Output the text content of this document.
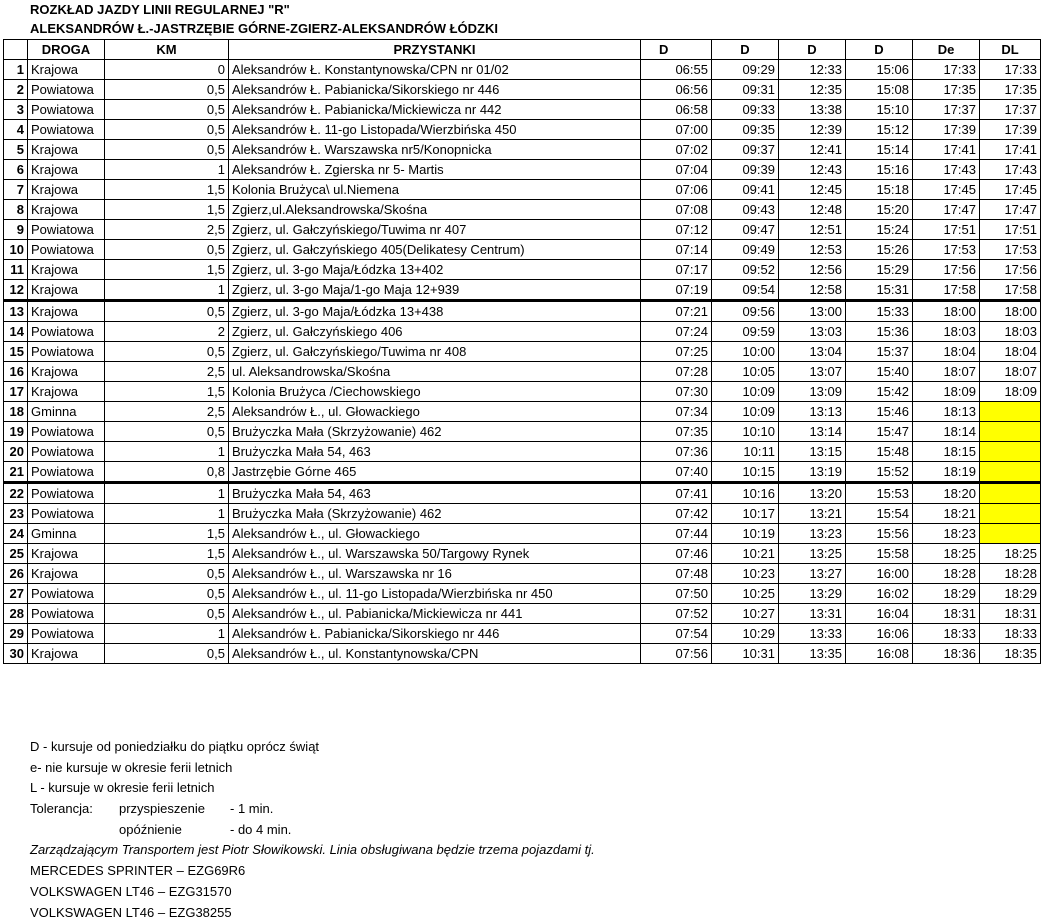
ROZKŁAD JAZDY LINII REGULARNEJ "R"
ALEKSANDRÓW Ł.-JASTRZĘBIE GÓRNE-ZGIERZ-ALEKSANDRÓW ŁÓDZKI
	DROGA	KM	PRZYSTANKI	D	D	D	D	De	DL
1	Krajowa	0	Aleksandrów Ł. Konstantynowska/CPN nr 01/02	06:55	09:29	12:33	15:06	17:33	17:33
2	Powiatowa	0,5	Aleksandrów Ł. Pabianicka/Sikorskiego nr 446	06:56	09:31	12:35	15:08	17:35	17:35
3	Powiatowa	0,5	Aleksandrów Ł. Pabianicka/Mickiewicza nr 442	06:58	09:33	13:38	15:10	17:37	17:37
4	Powiatowa	0,5	Aleksandrów Ł. 11-go Listopada/Wierzbińska 450	07:00	09:35	12:39	15:12	17:39	17:39
5	Krajowa	0,5	Aleksandrów Ł. Warszawska nr5/Konopnicka	07:02	09:37	12:41	15:14	17:41	17:41
6	Krajowa	1	Aleksandrów Ł. Zgierska nr 5- Martis	07:04	09:39	12:43	15:16	17:43	17:43
7	Krajowa	1,5	Kolonia Brużyca\ ul.Niemena	07:06	09:41	12:45	15:18	17:45	17:45
8	Krajowa	1,5	Zgierz,ul.Aleksandrowska/Skośna	07:08	09:43	12:48	15:20	17:47	17:47
9	Powiatowa	2,5	Zgierz, ul. Gałczyńskiego/Tuwima nr 407	07:12	09:47	12:51	15:24	17:51	17:51
10	Powiatowa	0,5	Zgierz, ul. Gałczyńskiego 405(Delikatesy Centrum)	07:14	09:49	12:53	15:26	17:53	17:53
11	Krajowa	1,5	Zgierz, ul. 3-go Maja/Łódzka 13+402	07:17	09:52	12:56	15:29	17:56	17:56
12	Krajowa	1	Zgierz, ul. 3-go Maja/1-go Maja 12+939	07:19	09:54	12:58	15:31	17:58	17:58
13	Krajowa	0,5	Zgierz, ul. 3-go Maja/Łódzka 13+438	07:21	09:56	13:00	15:33	18:00	18:00
14	Powiatowa	2	Zgierz, ul. Gałczyńskiego 406	07:24	09:59	13:03	15:36	18:03	18:03
15	Powiatowa	0,5	Zgierz, ul. Gałczyńskiego/Tuwima nr 408	07:25	10:00	13:04	15:37	18:04	18:04
16	Krajowa	2,5	ul. Aleksandrowska/Skośna	07:28	10:05	13:07	15:40	18:07	18:07
17	Krajowa	1,5	Kolonia Brużyca /Ciechowskiego	07:30	10:09	13:09	15:42	18:09	18:09
18	Gminna	2,5	Aleksandrów Ł., ul. Głowackiego	07:34	10:09	13:13	15:46	18:13	
19	Powiatowa	0,5	Brużyczka Mała (Skrzyżowanie) 462	07:35	10:10	13:14	15:47	18:14	
20	Powiatowa	1	Brużyczka Mała 54, 463	07:36	10:11	13:15	15:48	18:15	
21	Powiatowa	0,8	Jastrzębie Górne 465	07:40	10:15	13:19	15:52	18:19	
22	Powiatowa	1	Brużyczka Mała 54, 463	07:41	10:16	13:20	15:53	18:20	
23	Powiatowa	1	Brużyczka Mała (Skrzyżowanie) 462	07:42	10:17	13:21	15:54	18:21	
24	Gminna	1,5	Aleksandrów Ł., ul. Głowackiego	07:44	10:19	13:23	15:56	18:23	
25	Krajowa	1,5	Aleksandrów Ł., ul. Warszawska 50/Targowy Rynek	07:46	10:21	13:25	15:58	18:25	18:25
26	Krajowa	0,5	Aleksandrów Ł., ul. Warszawska nr 16	07:48	10:23	13:27	16:00	18:28	18:28
27	Powiatowa	0,5	Aleksandrów Ł., ul. 11-go Listopada/Wierzbińska nr 450	07:50	10:25	13:29	16:02	18:29	18:29
28	Powiatowa	0,5	Aleksandrów Ł., ul. Pabianicka/Mickiewicza nr 441	07:52	10:27	13:31	16:04	18:31	18:31
29	Powiatowa	1	Aleksandrów Ł. Pabianicka/Sikorskiego nr 446	07:54	10:29	13:33	16:06	18:33	18:33
30	Krajowa	0,5	Aleksandrów Ł., ul. Konstantynowska/CPN	07:56	10:31	13:35	16:08	18:36	18:35
D - kursuje od poniedziałku do piątku oprócz świąt
e- nie kursuje w okresie ferii letnich
L - kursuje w okresie ferii letnich
Tolerancja: przyspieszenie - 1 min.
opóźnienie	- do 4 min.
Zarządzającym Transportem jest Piotr Słowikowski. Linia obsługiwana będzie trzema pojazdami tj.
MERCEDES SPRINTER – EZG69R6
VOLKSWAGEN LT46 – EZG31570
VOLKSWAGEN LT46 – EZG38255
